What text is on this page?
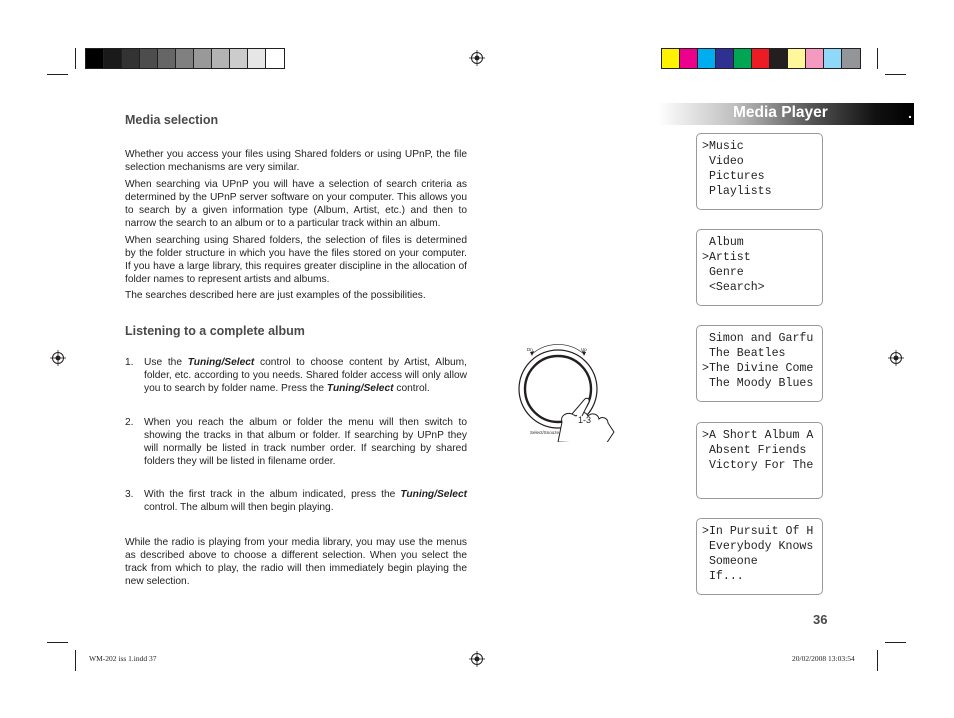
Media Player	.
Media selection
Whether you access your files using Shared folders or using UPnP, the file selection mechanisms are very similar.
When searching via UPnP you will have a selection of search criteria as determined by the UPnP server software on your computer. This allows you to search by a given information type (Album, Artist, etc.) and then to narrow the search to an album or to a particular track within an album.
When searching using Shared folders, the selection of files is determined by the folder structure in which you have the files stored on your computer. If you have a large library, this requires greater discipline in the allocation of folder names to represent artists and albums.
The searches described here are just examples of the possibilities.
Listening to a complete album
1. Use the Tuning/Select control to choose content by Artist, Album, folder, etc. according to you needs. Shared folder access will only allow you to search by folder name. Press the Tuning/Select control.
2. When you reach the album or folder the menu will then switch to showing the tracks in that album or folder. If searching by UPnP they will normally be listed in track number order. If searching by shared folders they will be listed in filename order.
3. With the first track in the album indicated, press the Tuning/Select control. The album will then begin playing.
While the radio is playing from your media library, you may use the menus as described above to choose a different selection. When you select the track from which to play, the radio will then immediately begin playing the new selection.
Dn	Up
Select/Snooze
1-3
>Music
Video
Pictures
Playlists
Album
>Artist
Genre
<Search>
Simon and Garfu
The Beatles
>The Divine Come
The Moody Blues
>A Short Album A
Absent Friends
Victory For The
>In Pursuit Of H
Everybody Knows
Someone
If...
36
WM-202 iss 1.indd 37	20/02/2008 13:03:54
